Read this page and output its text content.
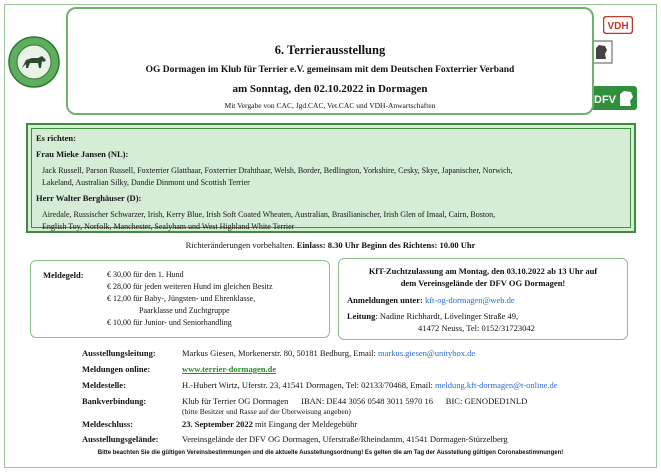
VDH
DFV
6. Terrierausstellung
OG Dormagen im Klub für Terrier e.V. gemeinsam mit dem Deutschen Foxterrier Verband
am Sonntag, den 02.10.2022 in Dormagen
Mit Vergabe von CAC, Jgd.CAC, Vet.CAC und VDH-Anwartschaften
Es richten:
Frau Mieke Jansen (NL):
Jack Russell, Parson Russell, Foxterrier Glatthaar, Foxterrier Drahthaar, Welsh, Border, Bedlington, Yorkshire, Cesky, Skye, Japanischer, Norwich,
Lakeland, Australian Silky, Dandie Dinmont und Scottish Terrier
Herr Walter Berghäuser (D):
Airedale, Russischer Schwarzer, Irish, Kerry Blue, Irish Soft Coated Wheaten, Australian, Brasilianischer, Irish Glen of Imaal, Cairn, Boston,
English Toy, Norfolk, Manchester, Sealyham und West Highland White Terrier
Richteränderungen vorbehalten. Einlass: 8.30 Uhr Beginn des Richtens: 10.00 Uhr
Meldegeld:	€ 30,00 für den 1. Hund
€ 28,00 für jeden weiteren Hund im gleichen Besitz
€ 12,00 für Baby-, Jüngsten- und Ehrenklasse,
Paarklasse und Zuchtgruppe
€ 10,00 für Junior- und Seniorhandling
KfT-Zuchtzulassung am Montag, den 03.10.2022 ab 13 Uhr auf
dem Vereinsgelände der DFV OG Dormagen!
Anmeldungen unter: kft-og-dormagen@web.de
Leitung: Nadine Richhardt, Lövelinger Straße 49,
41472 Neuss, Tel: 0152/31723042
Ausstellungsleitung:	Markus Giesen, Morkenerstr. 80, 50181 Bedburg, Email: markus.giesen@unitybox.de
Meldungen online:	www.terrier-dormagen.de
Meldestelle:	H.-Hubert Wirtz, Uferstr. 23, 41541 Dormagen, Tel: 02133/70468, Email: meldung.kft-dormagen@t-online.de
Bankverbindung:	Klub für Terrier OG Dormagen      IBAN: DE44 3056 0548 3011 5970 16      BIC: GENODED1NLD
(bitte Besitzer und Rasse auf der Überweisung angeben)
Meldeschluss:	23. September 2022 mit Eingang der Meldegebühr
Ausstellungsgelände:	Vereinsgelände der DFV OG Dormagen, Uferstraße/Rheindamm, 41541 Dormagen-Stürzelberg
Bitte beachten Sie die gültigen Vereinsbestimmungen und die aktuelle Ausstellungsordnung! Es gelten die am Tag der Ausstellung gültigen Coronabestimmungen!
